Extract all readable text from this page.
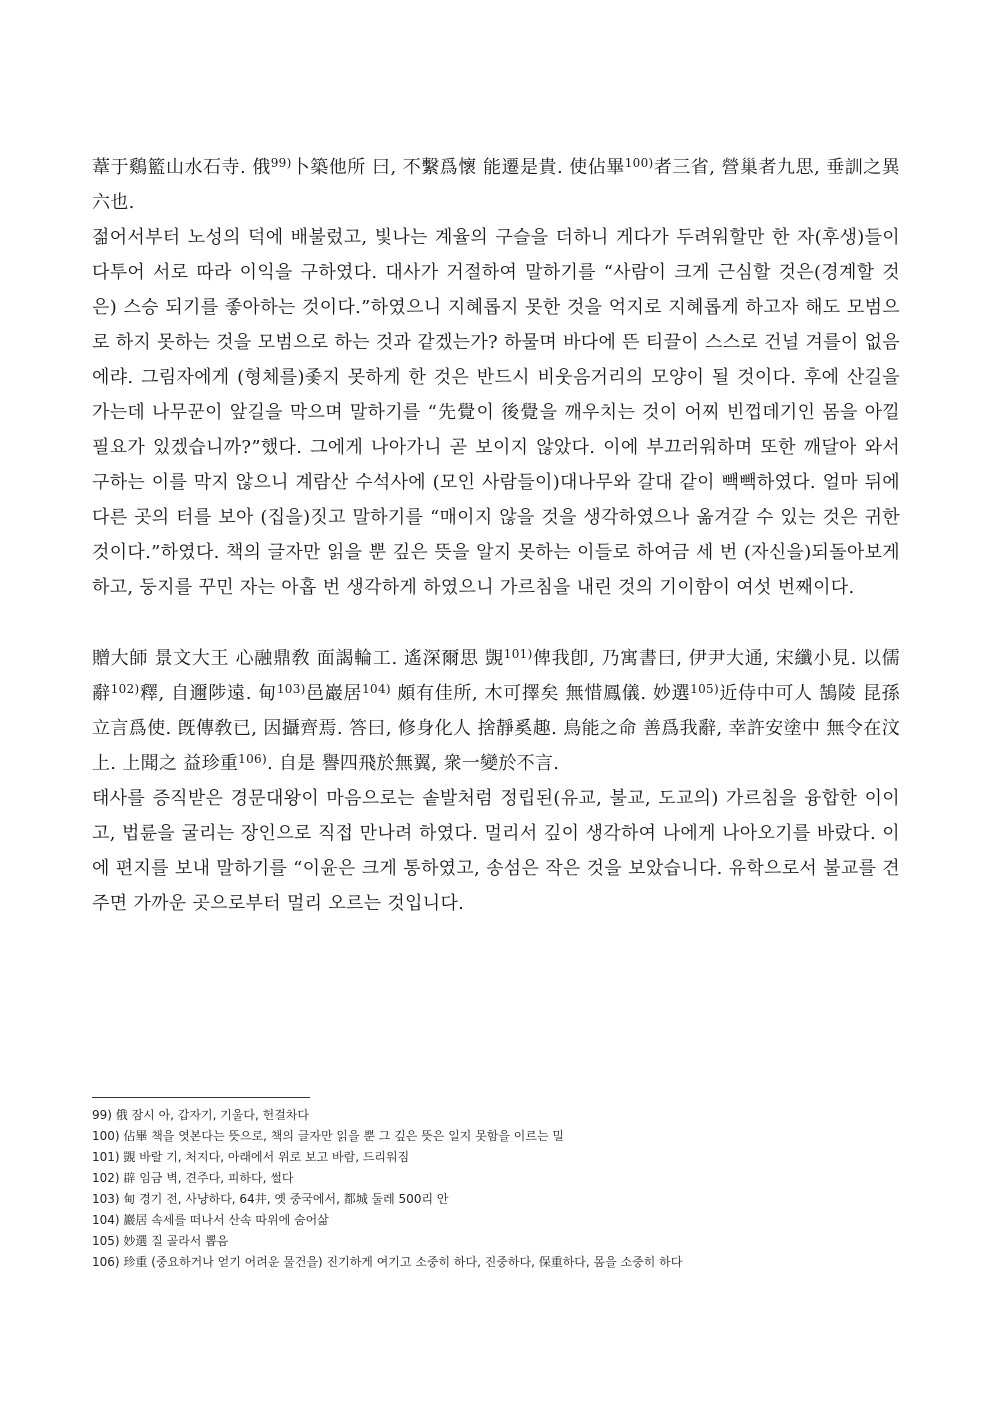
葦于鷄籃山水石寺. 俄$^{99)}$卜築他所 曰, 不繫爲懷 能遷是貴. 使佔畢$^{100)}$者三省, 營巢者九思, 垂訓之異六也.

젊어서부터 노성의 덕에 배불렀고, 빛나는 계율의 구슬을 더하니 게다가 두려워할만 한 자(후생)들이 다투어 서로 따라 이익을 구하였다. 대사가 거절하여 말하기를 “사람이 크게 근심할 것은(경계할 것은) 스승 되기를 좋아하는 것이다.”하였으니 지혜롭지 못한 것을 억지로 지혜롭게 하고자 해도 모범으로 하지 못하는 것을 모범으로 하는 것과 같겠는가? 하물며 바다에 뜬 티끌이 스스로 건널 겨를이 없음에랴. 그림자에게 (형체를)좇지 못하게 한 것은 반드시 비웃음거리의 모양이 될 것이다. 후에 산길을 가는데 나무꾼이 앞길을 막으며 말하기를 “先覺이 後覺을 깨우치는 것이 어찌 빈껍데기인 몸을 아낄 필요가 있겠습니까?”했다. 그에게 나아가니 곧 보이지 않았다. 이에 부끄러워하며 또한 깨달아 와서 구하는 이를 막지 않으니 계람산 수석사에 (모인 사람들이)대나무와 갈대 같이 빽빽하였다. 얼마 뒤에 다른 곳의 터를 보아 (집을)짓고 말하기를 “매이지 않을 것을 생각하였으나 옮겨갈 수 있는 것은 귀한 것이다.”하였다. 책의 글자만 읽을 뿐 깊은 뜻을 알지 못하는 이들로 하여금 세 번 (자신을)되돌아보게 하고, 둥지를 꾸민 자는 아홉 번 생각하게 하였으니 가르침을 내린 것의 기이함이 여섯 번째이다.

贈大師 景文大王 心融鼎敎 面謁輪工. 遙深爾思 覬$^{101)}$俾我卽, 乃寓書曰, 伊尹大通, 宋纖小見. 以儒辭$^{102)}$釋, 自邇陟遠. 甸$^{103)}$邑巖居$^{104)}$ 頗有佳所, 木可擇矣 無惜鳳儀. 妙選$^{105)}$近侍中可人 鵠陵 昆孫 立言爲使. 旣傳敎已, 因攝齊焉. 答曰, 修身化人 捨靜奚趣. 鳥能之命 善爲我辭, 幸許安塗中 無令在汶上. 上聞之 益珍重$^{106)}$. 自是 譽四飛於無翼, 衆一變於不言.

태사를 증직받은 경문대왕이 마음으로는 솥발처럼 정립된(유교, 불교, 도교의) 가르침을 융합한 이이고, 법륜을 굴리는 장인으로 직접 만나려 하였다. 멀리서 깊이 생각하여 나에게 나아오기를 바랐다. 이에 편지를 보내 말하기를 “이윤은 크게 통하였고, 송섬은 작은 것을 보았습니다. 유학으로서 불교를 견주면 가까운 곳으로부터 멀리 오르는 것입니다.

99) 俄 잠시 아, 갑자기, 기울다, 헌걸차다
100) 佔畢 책을 엿본다는 뜻으로, 책의 글자만 읽을 뿐 그 깊은 뜻은 일지 못함을 이르는 밀
101) 覬 바랄 기, 처지다, 아래에서 위로 보고 바람, 드리워짐
102) 辟 임금 벽, 견주다, 피하다, 썰다
103) 甸 경기 전, 사냥하다, 64井, 옛 중국에서, 都城 둘레 500리 안
104) 巖居 속세를 떠나서 산속 따위에 숨어삶
105) 妙選 질 골라서 뽑음
106) 珍重 (중요하거나 얻기 어려운 물건을) 진기하게 여기고 소중히 하다, 진중하다, 保重하다, 몸을 소중히 하다
